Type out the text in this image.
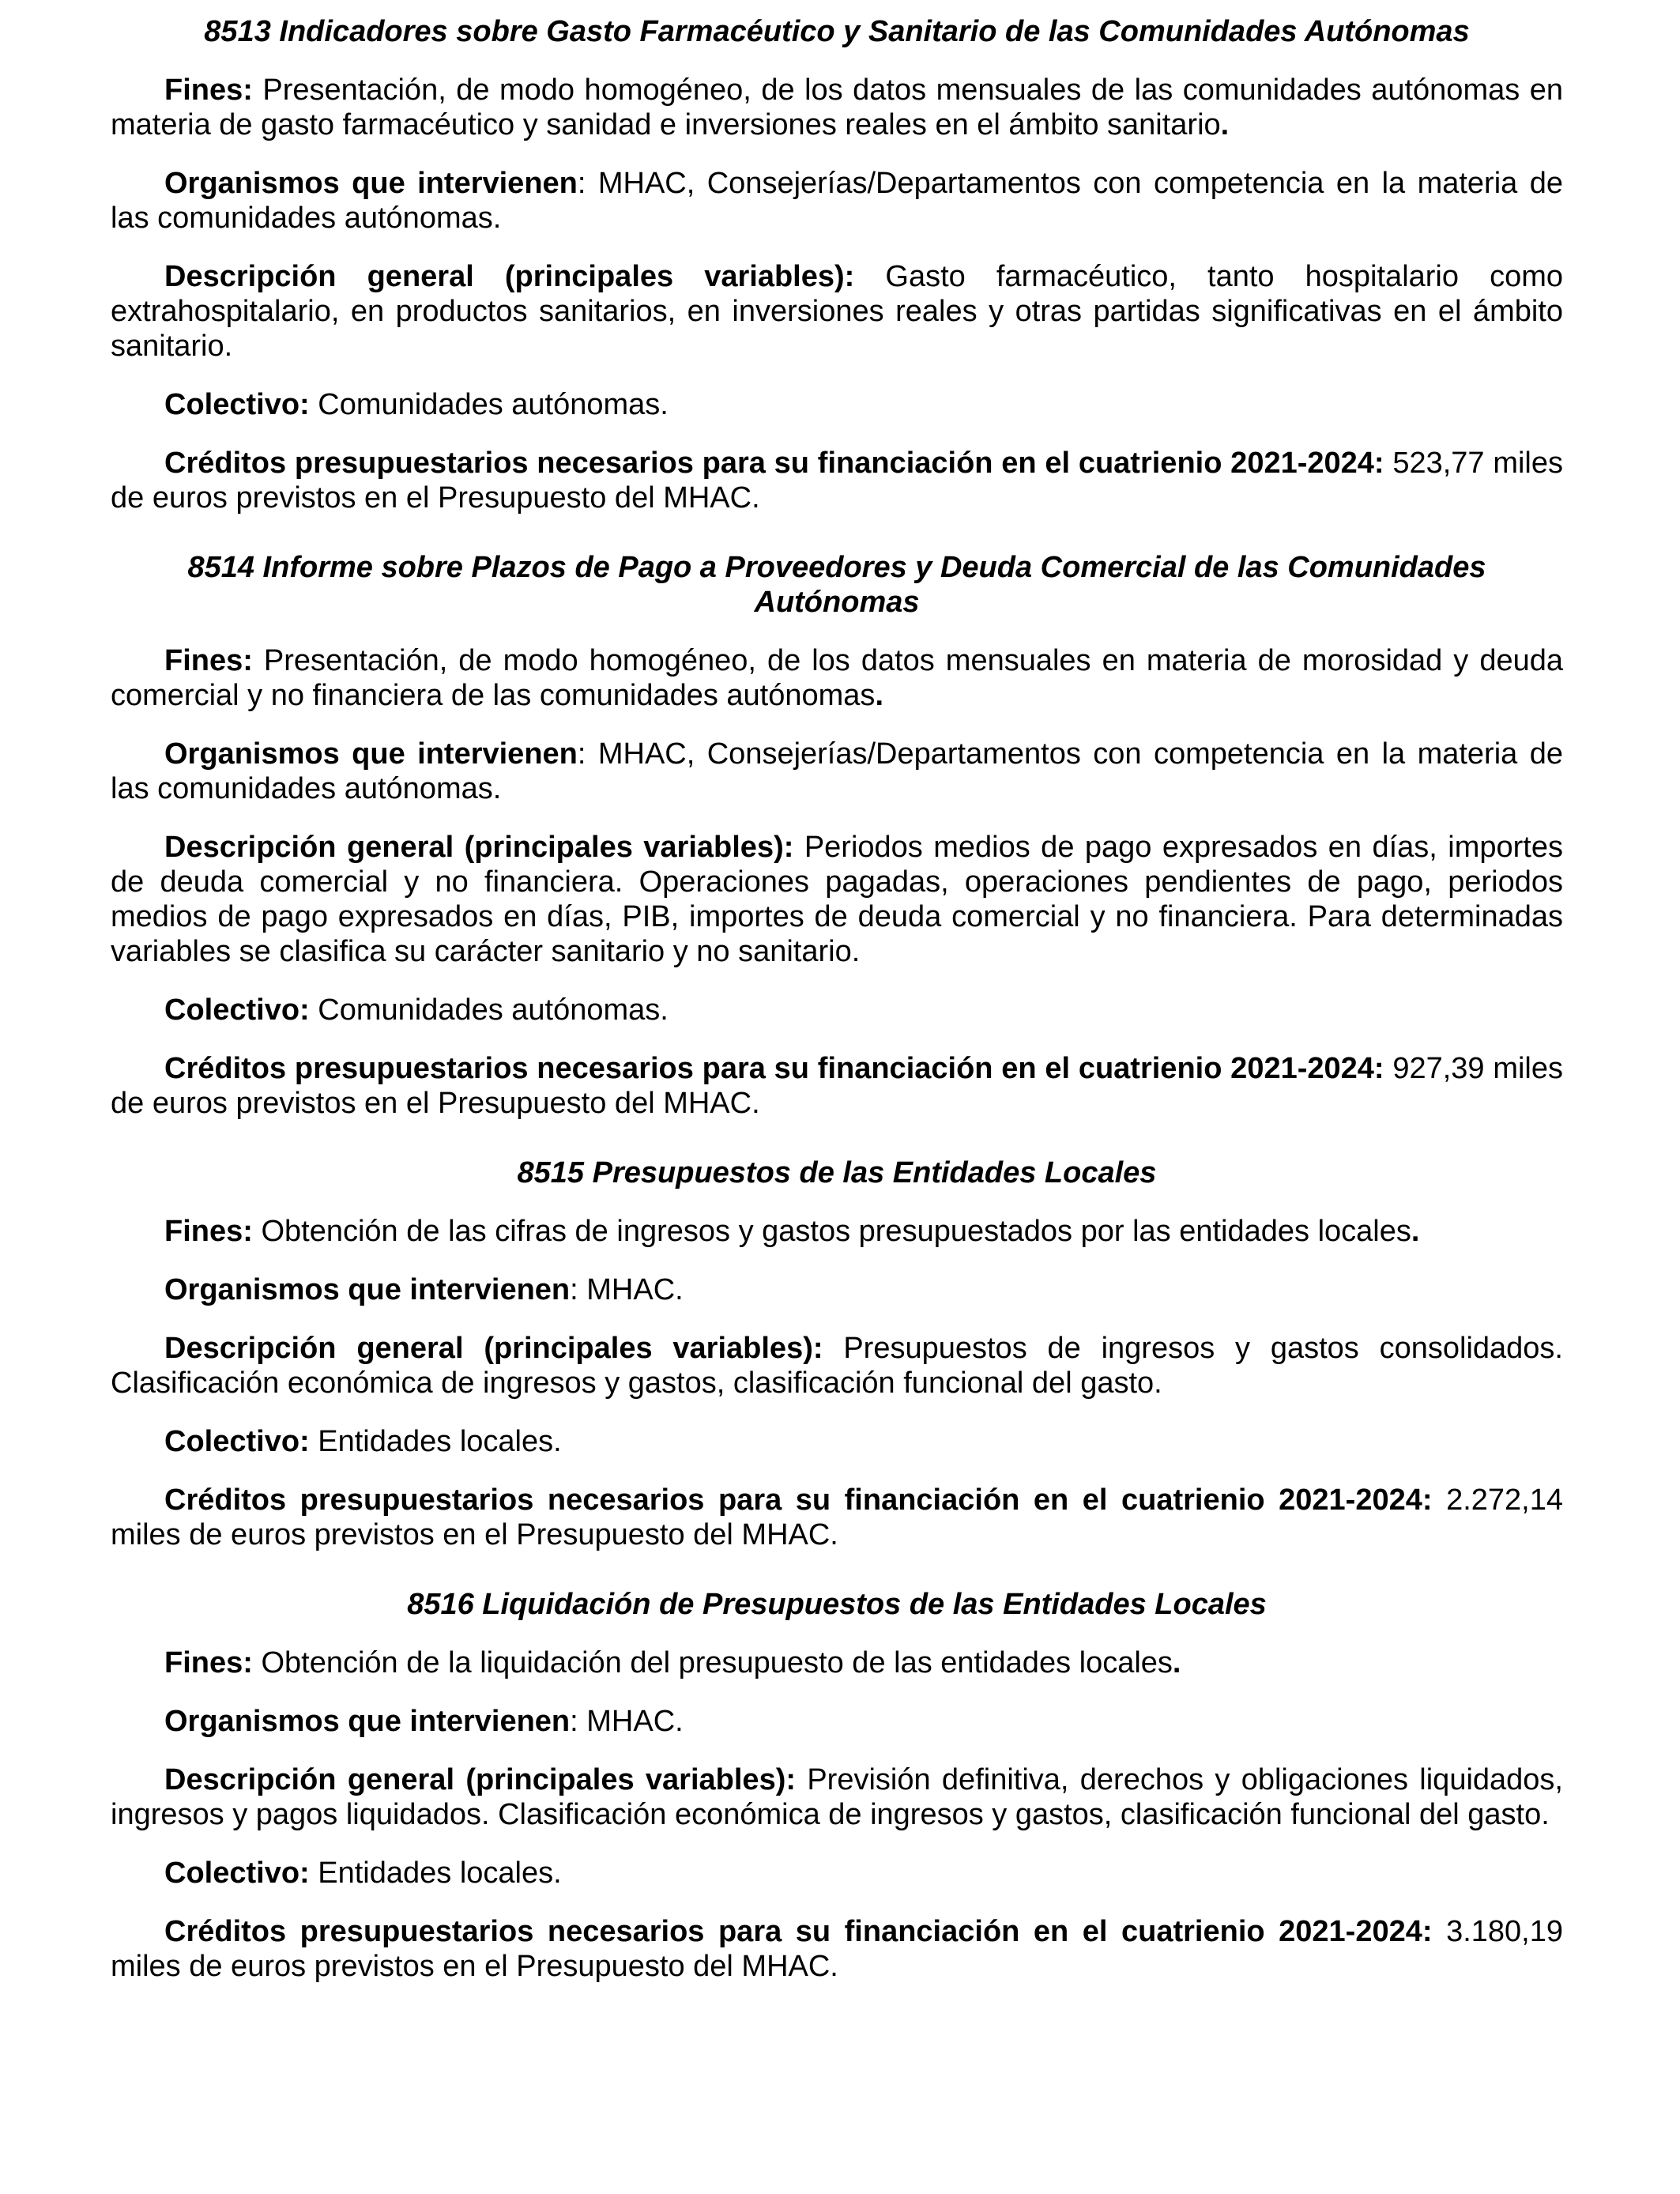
8513 Indicadores sobre Gasto Farmacéutico y Sanitario de las Comunidades Autónomas

Fines: Presentación, de modo homogéneo, de los datos mensuales de las comunidades autónomas en materia de gasto farmacéutico y sanidad e inversiones reales en el ámbito sanitario.

Organismos que intervienen: MHAC, Consejerías/Departamentos con competencia en la materia de las comunidades autónomas.

Descripción general (principales variables): Gasto farmacéutico, tanto hospitalario como extrahospitalario, en productos sanitarios, en inversiones reales y otras partidas significativas en el ámbito sanitario.

Colectivo: Comunidades autónomas.

Créditos presupuestarios necesarios para su financiación en el cuatrienio 2021-2024: 523,77 miles de euros previstos en el Presupuesto del MHAC.

8514 Informe sobre Plazos de Pago a Proveedores y Deuda Comercial de las Comunidades Autónomas

Fines: Presentación, de modo homogéneo, de los datos mensuales en materia de morosidad y deuda comercial y no financiera de las comunidades autónomas.

Organismos que intervienen: MHAC, Consejerías/Departamentos con competencia en la materia de las comunidades autónomas.

Descripción general (principales variables): Periodos medios de pago expresados en días, importes de deuda comercial y no financiera. Operaciones pagadas, operaciones pendientes de pago, periodos medios de pago expresados en días, PIB, importes de deuda comercial y no financiera. Para determinadas variables se clasifica su carácter sanitario y no sanitario.

Colectivo: Comunidades autónomas.

Créditos presupuestarios necesarios para su financiación en el cuatrienio 2021-2024: 927,39 miles de euros previstos en el Presupuesto del MHAC.

8515 Presupuestos de las Entidades Locales

Fines: Obtención de las cifras de ingresos y gastos presupuestados por las entidades locales.

Organismos que intervienen: MHAC.

Descripción general (principales variables): Presupuestos de ingresos y gastos consolidados. Clasificación económica de ingresos y gastos, clasificación funcional del gasto.

Colectivo: Entidades locales.

Créditos presupuestarios necesarios para su financiación en el cuatrienio 2021-2024: 2.272,14 miles de euros previstos en el Presupuesto del MHAC.

8516 Liquidación de Presupuestos de las Entidades Locales

Fines: Obtención de la liquidación del presupuesto de las entidades locales.

Organismos que intervienen: MHAC.

Descripción general (principales variables): Previsión definitiva, derechos y obligaciones liquidados, ingresos y pagos liquidados. Clasificación económica de ingresos y gastos, clasificación funcional del gasto.

Colectivo: Entidades locales.

Créditos presupuestarios necesarios para su financiación en el cuatrienio 2021-2024: 3.180,19 miles de euros previstos en el Presupuesto del MHAC.
